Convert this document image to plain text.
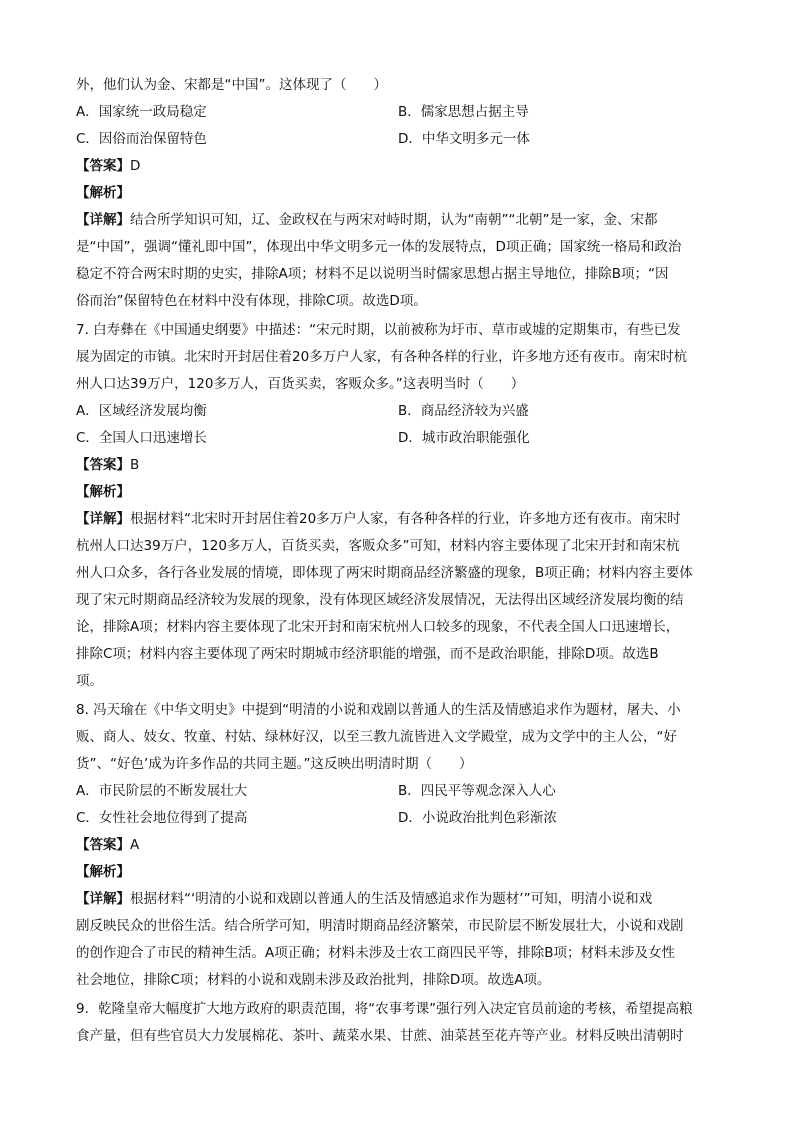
外，他们认为金、宋都是“中国”。这体现了（　　）
A．国家统一政局稳定	B．儒家思想占据主导
C．因俗而治保留特色	D．中华文明多元一体
【答案】D
【解析】
【详解】结合所学知识可知，辽、金政权在与两宋对峙时期，认为“南朝”“北朝”是一家，金、宋都
是“中国”，强调“懂礼即中国”，体现出中华文明多元一体的发展特点，D项正确；国家统一格局和政治
稳定不符合两宋时期的史实，排除A项；材料不足以说明当时儒家思想占据主导地位，排除B项；“因
俗而治”保留特色在材料中没有体现，排除C项。故选D项。
7. 白寿彝在《中国通史纲要》中描述：“宋元时期，以前被称为圩市、草市或墟的定期集市，有些已发
展为固定的市镇。北宋时开封居住着20多万户人家，有各种各样的行业，许多地方还有夜市。南宋时杭
州人口达39万户，120多万人，百货买卖，客贩众多。”这表明当时（　　）
A．区域经济发展均衡	B．商品经济较为兴盛
C．全国人口迅速增长	D．城市政治职能强化
【答案】B
【解析】
【详解】根据材料“北宋时开封居住着20多万户人家，有各种各样的行业，许多地方还有夜市。南宋时
杭州人口达39万户，120多万人，百货买卖，客贩众多”可知，材料内容主要体现了北宋开封和南宋杭
州人口众多，各行各业发展的情境，即体现了两宋时期商品经济繁盛的现象，B项正确；材料内容主要体
现了宋元时期商品经济较为发展的现象，没有体现区域经济发展情况，无法得出区域经济发展均衡的结
论，排除A项；材料内容主要体现了北宋开封和南宋杭州人口较多的现象，不代表全国人口迅速增长，
排除C项；材料内容主要体现了两宋时期城市经济职能的增强，而不是政治职能，排除D项。故选B
项。
8. 冯天瑜在《中华文明史》中提到“明清的小说和戏剧以普通人的生活及情感追求作为题材，屠夫、小
贩、商人、妓女、牧童、村姑、绿林好汉，以至三教九流皆进入文学殿堂，成为文学中的主人公，“好
货”、“好色’成为许多作品的共同主题。”这反映出明清时期（　　）
A．市民阶层的不断发展壮大	B．四民平等观念深入人心
C．女性社会地位得到了提高	D．小说政治批判色彩渐浓
【答案】A
【解析】
【详解】根据材料“‘明清的小说和戏剧以普通人的生活及情感追求作为题材’”可知，明清小说和戏
剧反映民众的世俗生活。结合所学可知，明清时期商品经济繁荣，市民阶层不断发展壮大，小说和戏剧
的创作迎合了市民的精神生活。A项正确；材料未涉及士农工商四民平等，排除B项；材料未涉及女性
社会地位，排除C项；材料的小说和戏剧未涉及政治批判，排除D项。故选A项。
9．乾隆皇帝大幅度扩大地方政府的职责范围，将“农事考课”强行列入决定官员前途的考核，希望提高粮
食产量，但有些官员大力发展棉花、茶叶、蔬菜水果、甘蔗、油菜甚至花卉等产业。材料反映出清朝时
